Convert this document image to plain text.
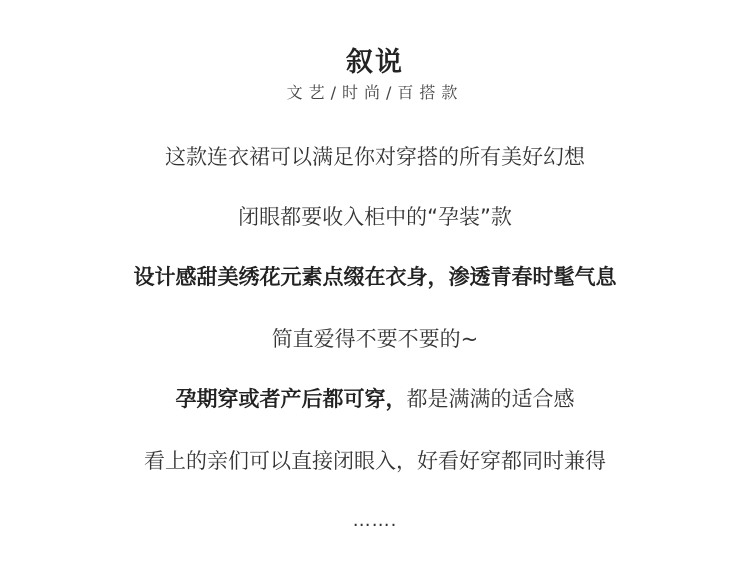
叙说
文艺/时尚/百搭款
这款连衣裙可以满足你对穿搭的所有美好幻想
闭眼都要收入柜中的“孕装”款
设计感甜美绣花元素点缀在衣身，渗透青春时髦气息
简直爱得不要不要的~
孕期穿或者产后都可穿，都是满满的适合感
看上的亲们可以直接闭眼入，好看好穿都同时兼得
…….
